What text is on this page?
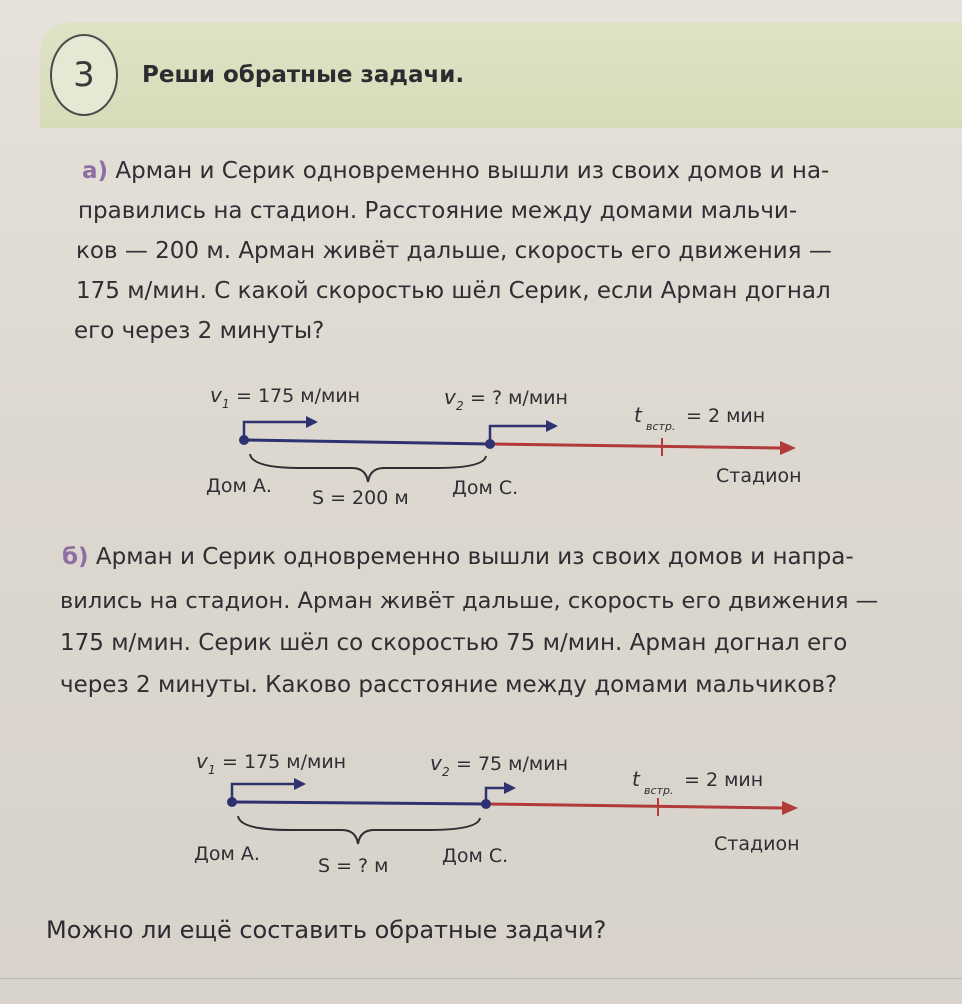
3 Реши обратные задачи.
а) Арман и Серик одновременно вышли из своих домов и на-
правились на стадион. Расстояние между домами мальчи-
ков — 200 м. Арман живёт дальше, скорость его движения —
175 м/мин. С какой скоростью шёл Серик, если Арман догнал
его через 2 минуты?
v 1 = 175 м/мин	v 2 = ? м/мин
t встр. = 2 мин
Дом А.
S = 200 м Дом С.
Стадион
б) Арман и Серик одновременно вышли из своих домов и напра-
вились на стадион. Арман живёт дальше, скорость его движения —
175 м/мин. Серик шёл со скоростью 75 м/мин. Арман догнал его
через 2 минуты. Каково расстояние между домами мальчиков?
v 1 = 175 м/мин	v 2 = 75 м/мин
t встр. = 2 мин
Дом А.
S = ? м	Дом С.
Стадион
Можно ли ещё составить обратные задачи?
